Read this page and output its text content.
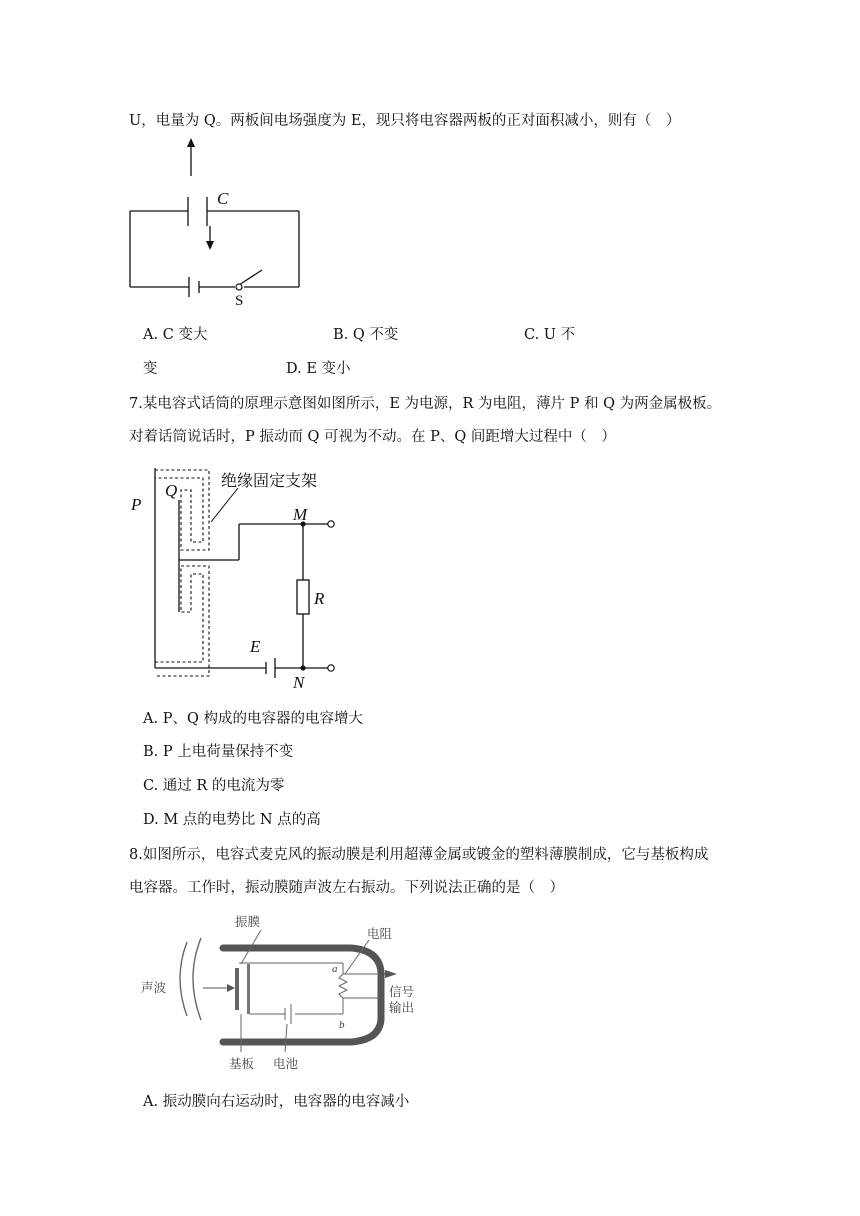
U，电量为 Q。两板间电场强度为 E，现只将电容器两板的正对面积减小，则有（　）
C
S
A. C 变大	B. Q 不变	C. U 不
变	D. E 变小
7.某电容式话筒的原理示意图如图所示，E 为电源，R 为电阻，薄片 P 和 Q 为两金属极板。
对着话筒说话时，P 振动而 Q 可视为不动。在 P、Q 间距增大过程中（　）
绝缘固定支架
P
Q
M
R
E
N
A. P、Q 构成的电容器的电容增大
B. P 上电荷量保持不变
C. 通过 R 的电流为零
D. M 点的电势比 N 点的高
8.如图所示，电容式麦克风的振动膜是利用超薄金属或镀金的塑料薄膜制成，它与基板构成
电容器。工作时，振动膜随声波左右振动。下列说法正确的是（　）
振膜
电阻
声波	信号
输出
基板 电池
a
b
A. 振动膜向右运动时，电容器的电容减小
